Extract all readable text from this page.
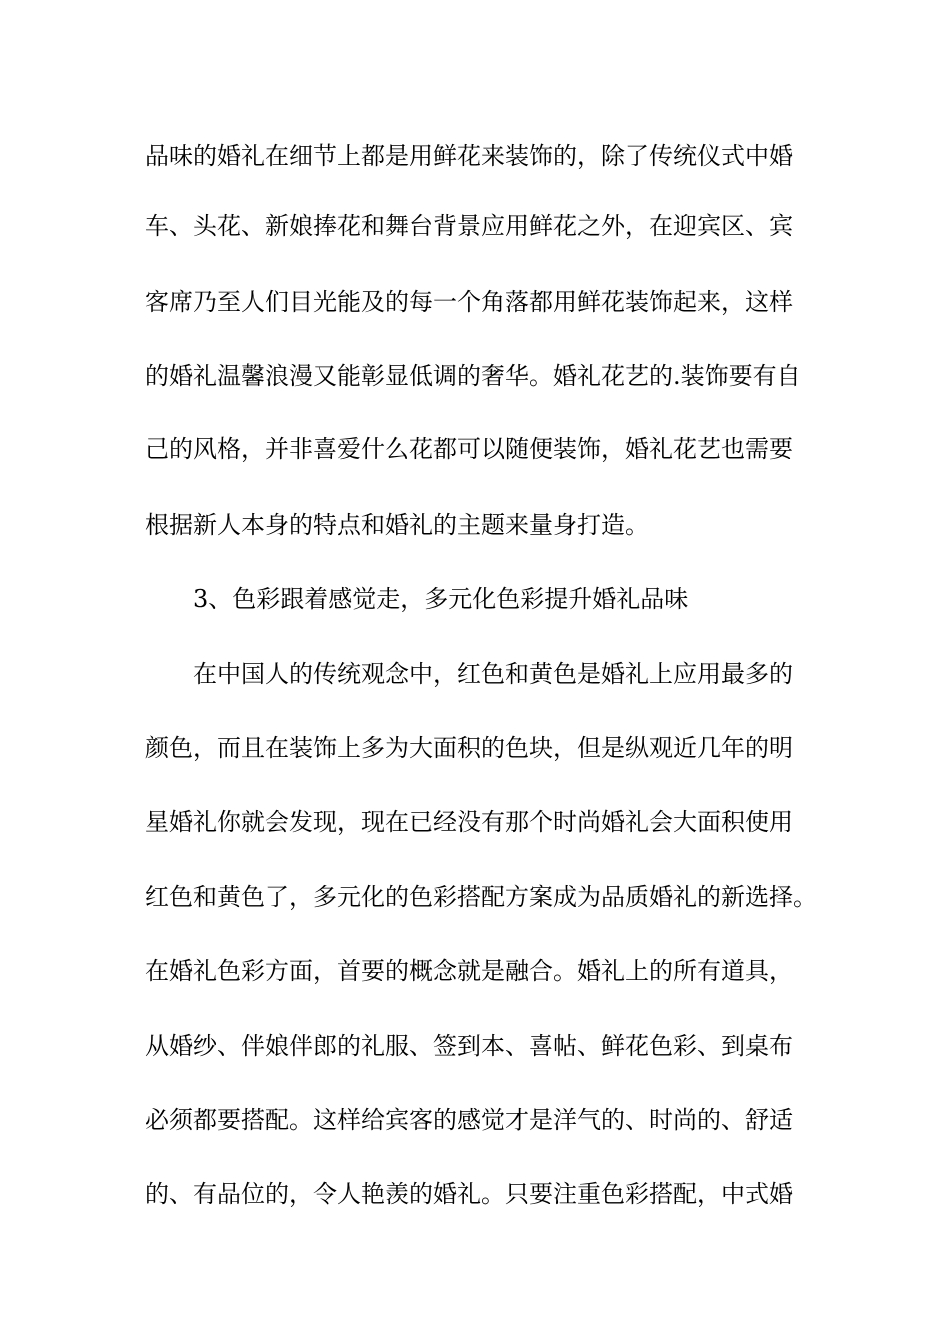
品味的婚礼在细节上都是用鲜花来装饰的，除了传统仪式中婚
车、头花、新娘捧花和舞台背景应用鲜花之外，在迎宾区、宾
客席乃至人们目光能及的每一个角落都用鲜花装饰起来，这样
的婚礼温馨浪漫又能彰显低调的奢华。婚礼花艺的.装饰要有自
己的风格，并非喜爱什么花都可以随便装饰，婚礼花艺也需要
根据新人本身的特点和婚礼的主题来量身打造。
3、色彩跟着感觉走，多元化色彩提升婚礼品味
在中国人的传统观念中，红色和黄色是婚礼上应用最多的
颜色，而且在装饰上多为大面积的色块，但是纵观近几年的明
星婚礼你就会发现，现在已经没有那个时尚婚礼会大面积使用
红色和黄色了，多元化的色彩搭配方案成为品质婚礼的新选择。
在婚礼色彩方面，首要的概念就是融合。婚礼上的所有道具，
从婚纱、伴娘伴郎的礼服、签到本、喜帖、鲜花色彩、到桌布
必须都要搭配。这样给宾客的感觉才是洋气的、时尚的、舒适
的、有品位的，令人艳羡的婚礼。只要注重色彩搭配，中式婚
